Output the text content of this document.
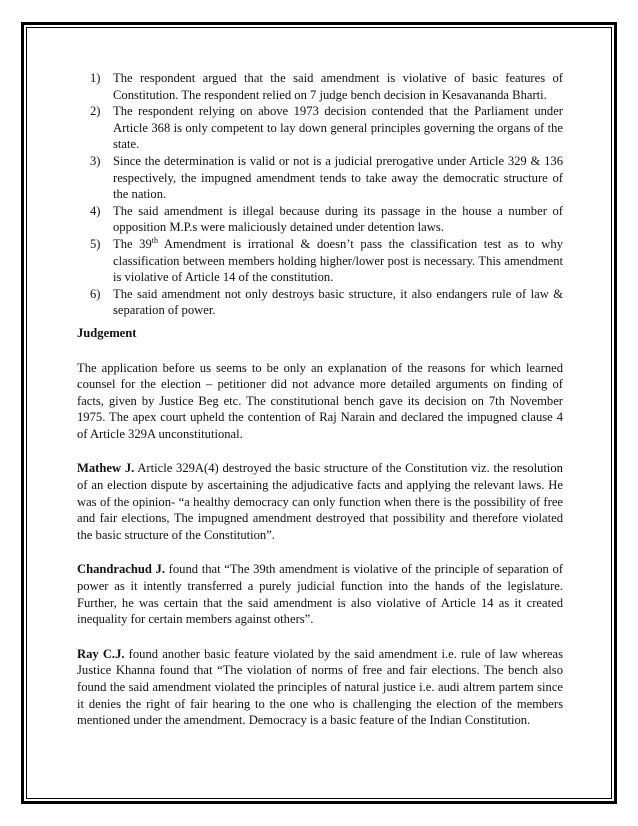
1) The respondent argued that the said amendment is violative of basic features of Constitution. The respondent relied on 7 judge bench decision in Kesavananda Bharti.
2) The respondent relying on above 1973 decision contended that the Parliament under Article 368 is only competent to lay down general principles governing the organs of the state.
3) Since the determination is valid or not is a judicial prerogative under Article 329 & 136 respectively, the impugned amendment tends to take away the democratic structure of the nation.
4) The said amendment is illegal because during its passage in the house a number of opposition M.P.s were maliciously detained under detention laws.
5) The 39th Amendment is irrational & doesn’t pass the classification test as to why classification between members holding higher/lower post is necessary. This amendment is violative of Article 14 of the constitution.
6) The said amendment not only destroys basic structure, it also endangers rule of law & separation of power.
Judgement

The application before us seems to be only an explanation of the reasons for which learned counsel for the election – petitioner did not advance more detailed arguments on finding of facts, given by Justice Beg etc. The constitutional bench gave its decision on 7th November 1975. The apex court upheld the contention of Raj Narain and declared the impugned clause 4 of Article 329A unconstitutional.

Mathew J. Article 329A(4) destroyed the basic structure of the Constitution viz. the resolution of an election dispute by ascertaining the adjudicative facts and applying the relevant laws. He was of the opinion- “a healthy democracy can only function when there is the possibility of free and fair elections, The impugned amendment destroyed that possibility and therefore violated the basic structure of the Constitution”.

Chandrachud J. found that “The 39th amendment is violative of the principle of separation of power as it intently transferred a purely judicial function into the hands of the legislature. Further, he was certain that the said amendment is also violative of Article 14 as it created inequality for certain members against others”.

Ray C.J. found another basic feature violated by the said amendment i.e. rule of law whereas Justice Khanna found that “The violation of norms of free and fair elections. The bench also found the said amendment violated the principles of natural justice i.e. audi altrem partem since it denies the right of fair hearing to the one who is challenging the election of the members mentioned under the amendment. Democracy is a basic feature of the Indian Constitution.
